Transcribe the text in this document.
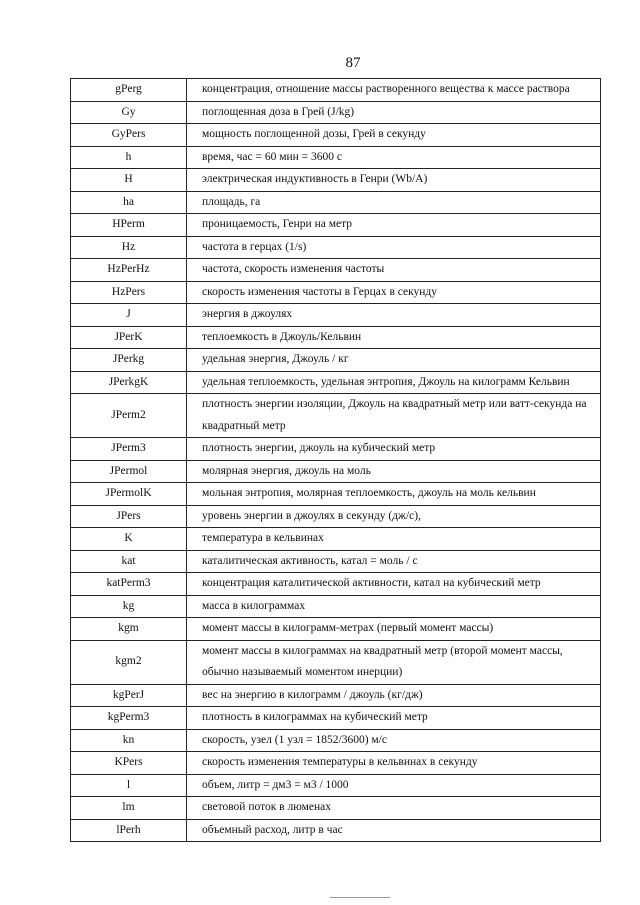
87
gPerg	концентрация, отношение массы растворенного вещества к массе раствора
Gy	поглощенная доза в Грей (J/kg)
GyPers	мощность поглощенной дозы, Грей в секунду
h	время, час = 60 мин = 3600 с
H	электрическая индуктивность в Генри (Wb/A)
ha	площадь, га
HPerm	проницаемость, Генри на метр
Hz	частота в герцах (1/s)
HzPerHz	частота, скорость изменения частоты
HzPers	скорость изменения частоты в Герцах в секунду
J	энергия в джоулях
JPerK	теплоемкость в Джоуль/Кельвин
JPerkg	удельная энергия, Джоуль / кг
JPerkgK	удельная теплоемкость, удельная энтропия, Джоуль на килограмм Кельвин
JPerm2	плотность энергии изоляции, Джоуль на квадратный метр или ватт-секунда на квадратный метр
JPerm3	плотность энергии, джоуль на кубический метр
JPermol	молярная энергия, джоуль на моль
JPermolK	мольная энтропия, молярная теплоемкость, джоуль на моль кельвин
JPers	уровень энергии в джоулях в секунду (дж/с),
K	температура в кельвинах
kat	каталитическая активность, катал = моль / с
katPerm3	концентрация каталитической активности, катал на кубический метр
kg	масса в килограммах
kgm	момент массы в килограмм-метрах (первый момент массы)
kgm2	момент массы в килограммах на квадратный метр (второй момент массы, обычно называемый моментом инерции)
kgPerJ	вес на энергию в килограмм / джоуль (кг/дж)
kgPerm3	плотность в килограммах на кубический метр
kn	скорость, узел (1 узл = 1852/3600) м/с
KPers	скорость изменения температуры в кельвинах в секунду
l	объем, литр = дм3 = м3 / 1000
lm	световой поток в люменах
lPerh	объемный расход, литр в час
